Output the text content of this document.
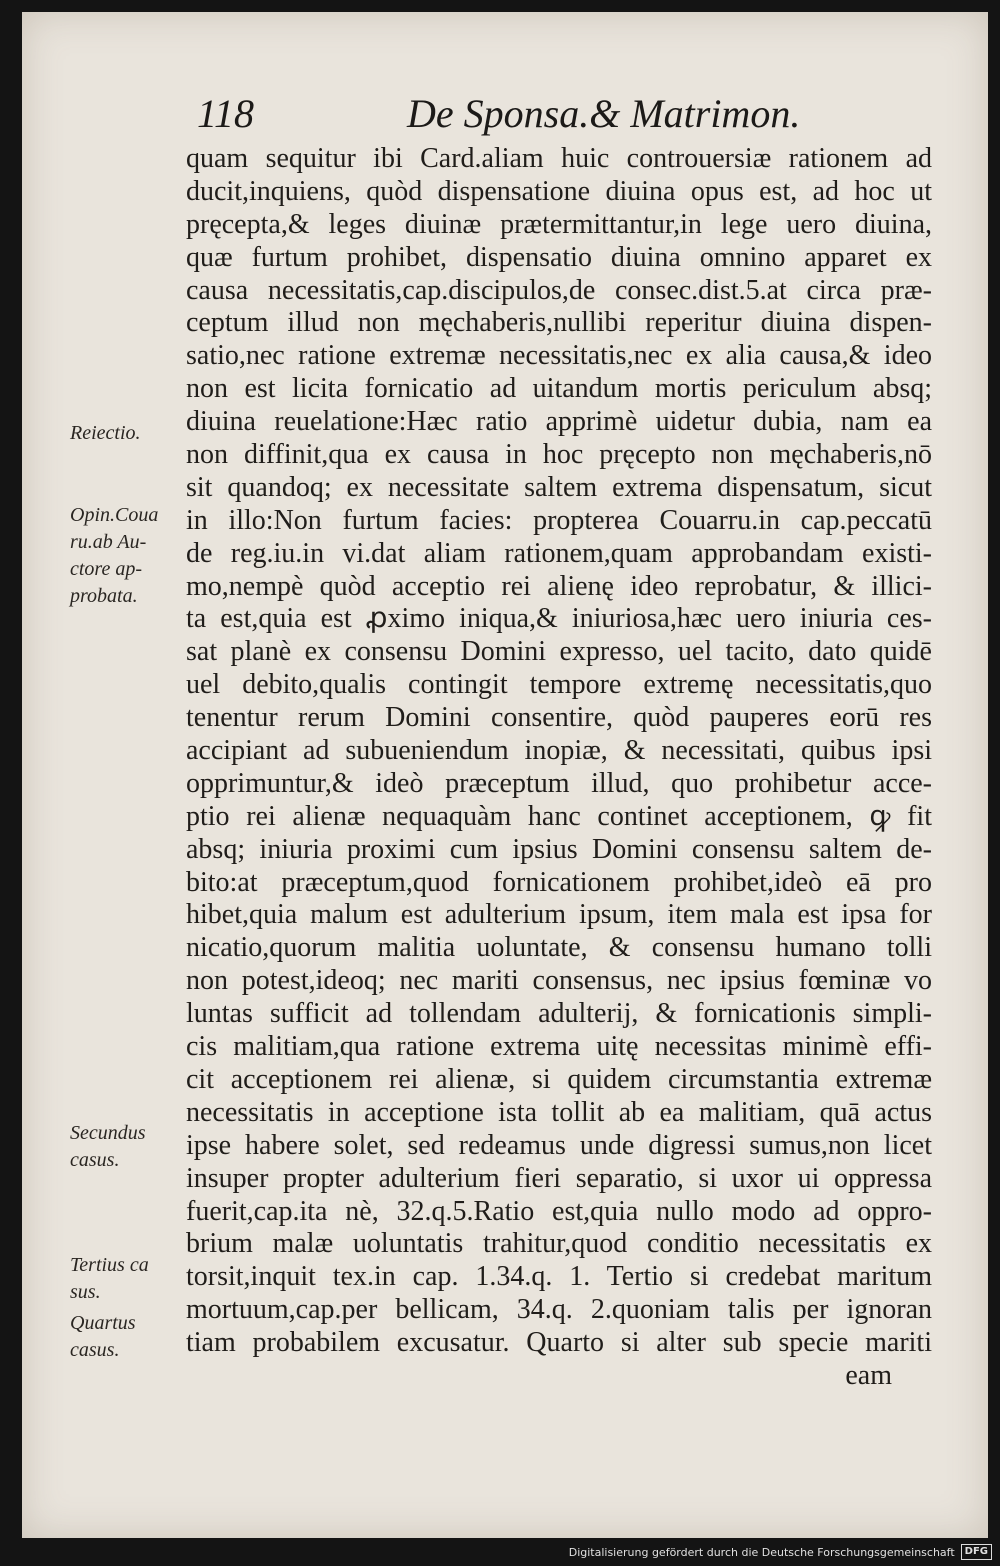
118	De Sponsa.& Matrimon.
Reiectio.
Opin.Coua ru.ab Au- ctore ap- probata.
Secundus casus.
Tertius ca sus.
Quartus casus.
quam sequitur ibi Card.aliam huic controuersiæ rationem ad
ducit,inquiens, quòd dispensatione diuina opus est, ad hoc ut
pręcepta,& leges diuinæ prætermittantur,in lege uero diuina,
quæ furtum prohibet, dispensatio diuina omnino apparet ex
causa necessitatis,cap.discipulos,de consec.dist.5.at circa præ-
ceptum illud non męchaberis,nullibi reperitur diuina dispen-
satio,nec ratione extremæ necessitatis,nec ex alia causa,& ideo
non est licita fornicatio ad uitandum mortis periculum absq;
diuina reuelatione:Hæc ratio apprimè uidetur dubia, nam ea
non diffinit,qua ex causa in hoc pręcepto non męchaberis,nō
sit quandoq; ex necessitate saltem extrema dispensatum, sicut
in illo:Non furtum facies: propterea Couarru.in cap.peccatū
de reg.iu.in vi.dat aliam rationem,quam approbandam existi-
mo,nempè quòd acceptio rei alienę ideo reprobatur, & illici-
ta est,quia est ꝓximo iniqua,& iniuriosa,hæc uero iniuria ces-
sat planè ex consensu Domini expresso, uel tacito, dato quidē
uel debito,qualis contingit tempore extremę necessitatis,quo
tenentur rerum Domini consentire, quòd pauperes eorū res
accipiant ad subueniendum inopiæ, & necessitati, quibus ipsi
opprimuntur,& ideò præceptum illud, quo prohibetur acce-
ptio rei alienæ nequaquàm hanc continet acceptionem, ꝙ fit
absq; iniuria proximi cum ipsius Domini consensu saltem de-
bito:at præceptum,quod fornicationem prohibet,ideò eā pro
hibet,quia malum est adulterium ipsum, item mala est ipsa for
nicatio,quorum malitia uoluntate, & consensu humano tolli
non potest,ideoq; nec mariti consensus, nec ipsius fœminæ vo
luntas sufficit ad tollendam adulterij, & fornicationis simpli-
cis malitiam,qua ratione extrema uitę necessitas minimè effi-
cit acceptionem rei alienæ, si quidem circumstantia extremæ
necessitatis in acceptione ista tollit ab ea malitiam, quā actus
ipse habere solet, sed redeamus unde digressi sumus,non licet
insuper propter adulterium fieri separatio, si uxor ui oppressa
fuerit,cap.ita nè, 32.q.5.Ratio est,quia nullo modo ad oppro-
brium malæ uoluntatis trahitur,quod conditio necessitatis ex
torsit,inquit tex.in cap. 1.34.q. 1. Tertio si credebat maritum
mortuum,cap.per bellicam, 34.q. 2.quoniam talis per ignoran
tiam probabilem excusatur. Quarto si alter sub specie mariti
eam
Digitalisierung gefördert durch die Deutsche Forschungsgemeinschaft	DFG
